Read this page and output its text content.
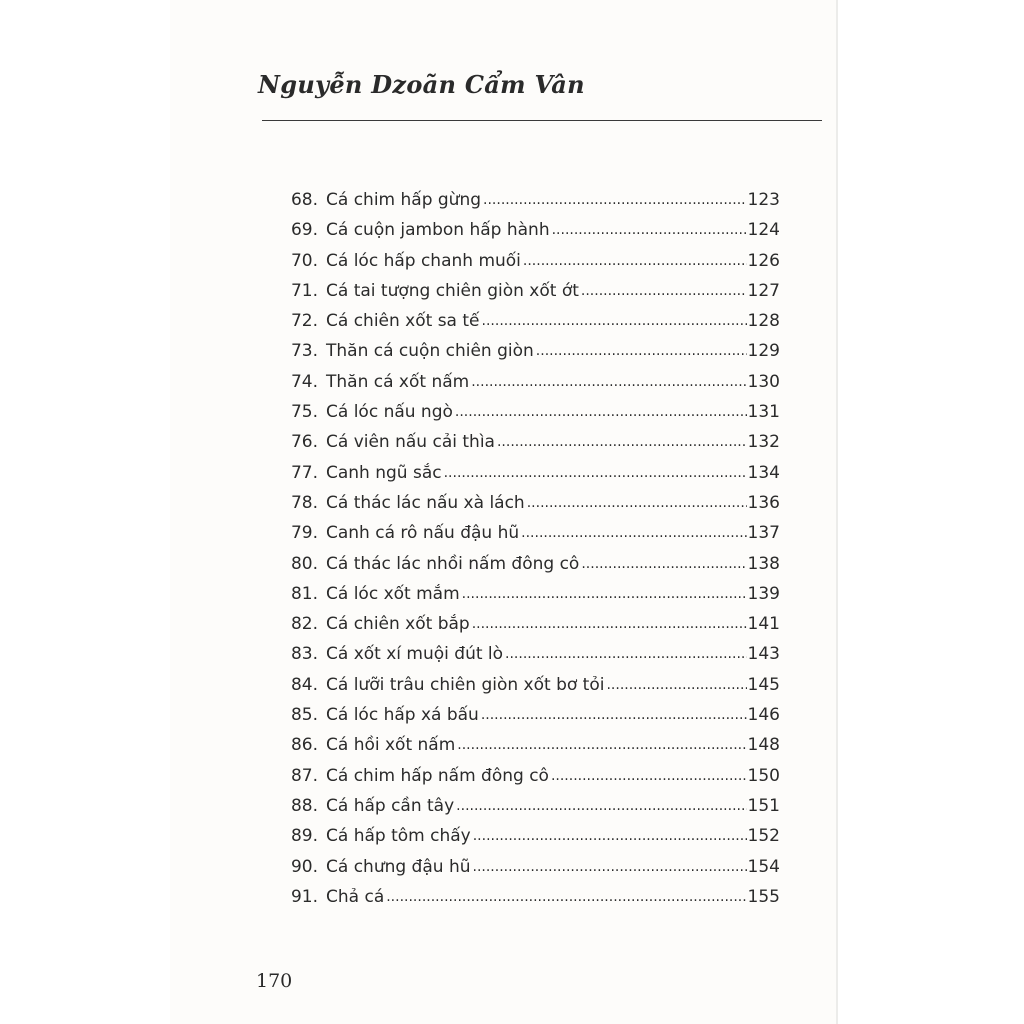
Nguyễn Dzoãn Cẩm Vân
68. Cá chim hấp gừng .....	123
69. Cá cuộn jambon hấp hành .....	124
70. Cá lóc hấp chanh muối .....	126
71. Cá tai tượng chiên giòn xốt ớt .....	127
72. Cá chiên xốt sa tế .....	128
73. Thăn cá cuộn chiên giòn .....	129
74. Thăn cá xốt nấm .....	130
75. Cá lóc nấu ngò .....	131
76. Cá viên nấu cải thìa .....	132
77. Canh ngũ sắc .....	134
78. Cá thác lác nấu xà lách .....	136
79. Canh cá rô nấu đậu hũ .....	137
80. Cá thác lác nhồi nấm đông cô .....	138
81. Cá lóc xốt mắm .....	139
82. Cá chiên xốt bắp .....	141
83. Cá xốt xí muội đút lò .....	143
84. Cá lưỡi trâu chiên giòn xốt bơ tỏi .....	145
85. Cá lóc hấp xá bấu .....	146
86. Cá hồi xốt nấm .....	148
87. Cá chim hấp nấm đông cô .....	150
88. Cá hấp cần tây .....	151
89. Cá hấp tôm chấy .....	152
90. Cá chưng đậu hũ .....	154
91. Chả cá .....	155
170
